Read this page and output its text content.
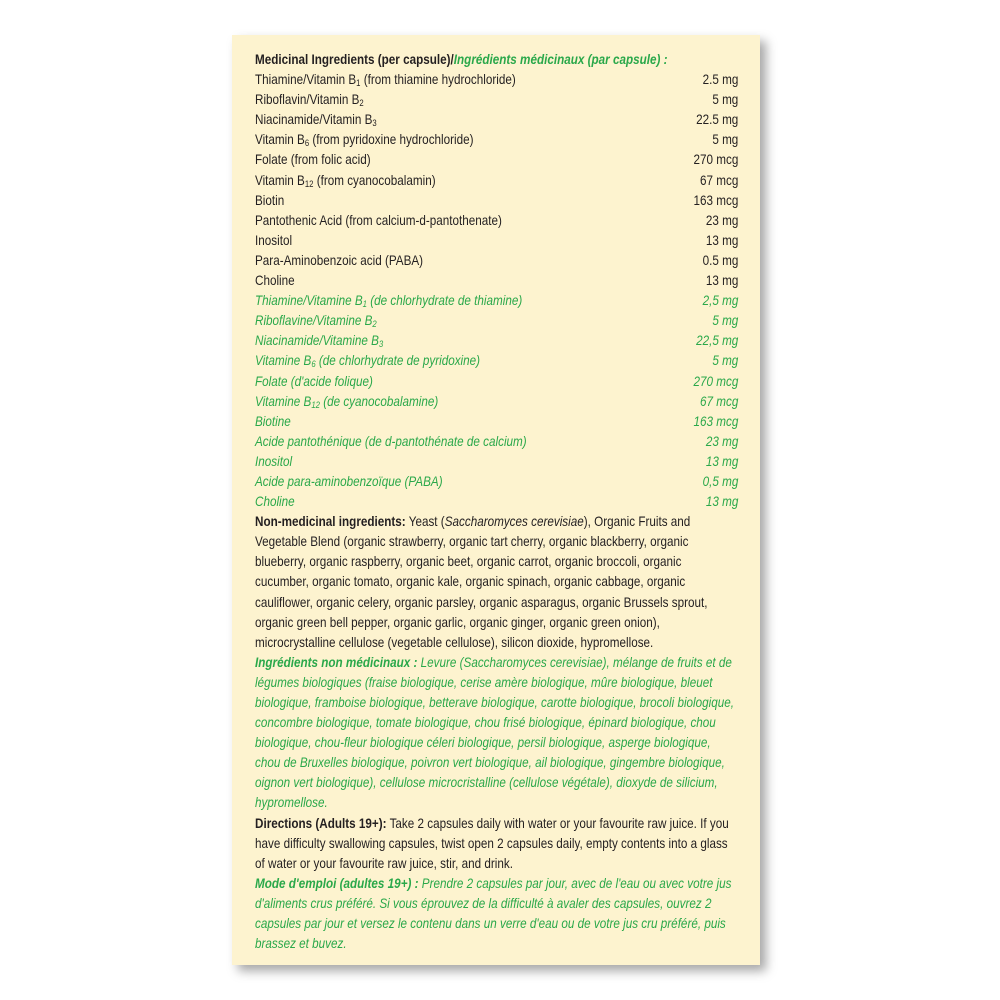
Medicinal Ingredients (per capsule)/Ingrédients médicinaux (par capsule) :

Thiamine/Vitamin $B_1$ (from thiamine hydrochloride)	2.5 mg
Riboflavin/Vitamin $B_2$	5 mg
Niacinamide/Vitamin $B_3$	22.5 mg
Vitamin $B_6$ (from pyridoxine hydrochloride)	5 mg
Folate (from folic acid)	270 mcg
Vitamin $B_{12}$ (from cyanocobalamin)	67 mcg
Biotin	163 mcg
Pantothenic Acid (from calcium-d-pantothenate)	23 mg
Inositol	13 mg
Para-Aminobenzoic acid (PABA)	0.5 mg
Choline	13 mg
Thiamine/Vitamine $B_1$ (de chlorhydrate de thiamine)	2,5 mg
Riboflavine/Vitamine $B_2$	5 mg
Niacinamide/Vitamine $B_3$	22,5 mg
Vitamine $B_6$ (de chlorhydrate de pyridoxine)	5 mg
Folate (d'acide folique)	270 mcg
Vitamine $B_{12}$ (de cyanocobalamine)	67 mcg
Biotine	163 mcg
Acide pantothénique (de d-pantothénate de calcium)	23 mg
Inositol	13 mg
Acide para-aminobenzoïque (PABA)	0,5 mg
Choline	13 mg

Non-medicinal ingredients: Yeast (Saccharomyces cerevisiae), Organic Fruits and Vegetable Blend (organic strawberry, organic tart cherry, organic blackberry, organic blueberry, organic raspberry, organic beet, organic carrot, organic broccoli, organic cucumber, organic tomato, organic kale, organic spinach, organic cabbage, organic cauliflower, organic celery, organic parsley, organic asparagus, organic Brussels sprout, organic green bell pepper, organic garlic, organic ginger, organic green onion), microcrystalline cellulose (vegetable cellulose), silicon dioxide, hypromellose.

Ingrédients non médicinaux : Levure (Saccharomyces cerevisiae), mélange de fruits et de légumes biologiques (fraise biologique, cerise amère biologique, mûre biologique, bleuet biologique, framboise biologique, betterave biologique, carotte biologique, brocoli biologique, concombre biologique, tomate biologique, chou frisé biologique, épinard biologique, chou biologique, chou-fleur biologique céleri biologique, persil biologique, asperge biologique, chou de Bruxelles biologique, poivron vert biologique, ail biologique, gingembre biologique, oignon vert biologique), cellulose microcristalline (cellulose végétale), dioxyde de silicium, hypromellose.

Directions (Adults 19+): Take 2 capsules daily with water or your favourite raw juice. If you have difficulty swallowing capsules, twist open 2 capsules daily, empty contents into a glass of water or your favourite raw juice, stir, and drink.

Mode d'emploi (adultes 19+) : Prendre 2 capsules par jour, avec de l'eau ou avec votre jus d'aliments crus préféré. Si vous éprouvez de la difficulté à avaler des capsules, ouvrez 2 capsules par jour et versez le contenu dans un verre d'eau ou de votre jus cru préféré, puis brassez et buvez.
